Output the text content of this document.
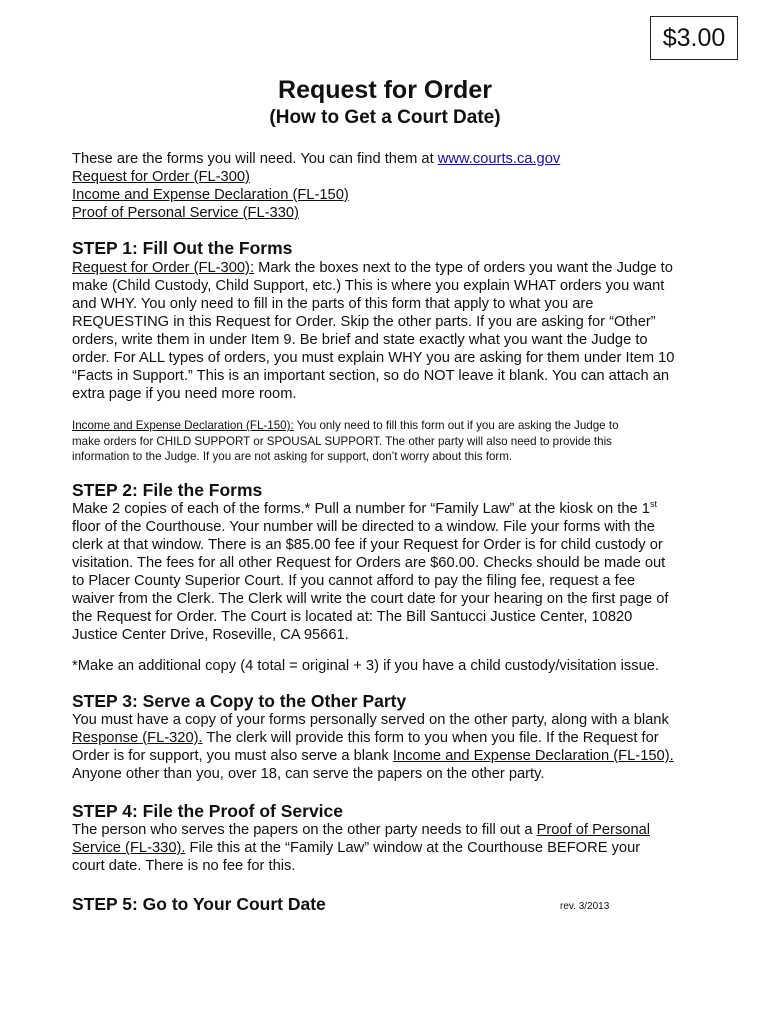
$3.00
Request for Order
(How to Get a Court Date)
These are the forms you will need. You can find them at www.courts.ca.gov
Request for Order (FL-300)
Income and Expense Declaration (FL-150)
Proof of Personal Service (FL-330)
STEP 1: Fill Out the Forms
Request for Order (FL-300): Mark the boxes next to the type of orders you want the Judge to
make (Child Custody, Child Support, etc.) This is where you explain WHAT orders you want
and WHY. You only need to fill in the parts of this form that apply to what you are
REQUESTING in this Request for Order. Skip the other parts. If you are asking for “Other”
orders, write them in under Item 9. Be brief and state exactly what you want the Judge to
order. For ALL types of orders, you must explain WHY you are asking for them under Item 10
“Facts in Support.” This is an important section, so do NOT leave it blank. You can attach an
extra page if you need more room.
Income and Expense Declaration (FL-150): You only need to fill this form out if you are asking the Judge to
make orders for CHILD SUPPORT or SPOUSAL SUPPORT. The other party will also need to provide this
information to the Judge. If you are not asking for support, don’t worry about this form.
STEP 2: File the Forms
Make 2 copies of each of the forms.* Pull a number for “Family Law” at the kiosk on the 1st
floor of the Courthouse. Your number will be directed to a window. File your forms with the
clerk at that window. There is an $85.00 fee if your Request for Order is for child custody or
visitation. The fees for all other Request for Orders are $60.00. Checks should be made out
to Placer County Superior Court. If you cannot afford to pay the filing fee, request a fee
waiver from the Clerk. The Clerk will write the court date for your hearing on the first page of
the Request for Order. The Court is located at: The Bill Santucci Justice Center, 10820
Justice Center Drive, Roseville, CA 95661.
*Make an additional copy (4 total = original + 3) if you have a child custody/visitation issue.
STEP 3: Serve a Copy to the Other Party
You must have a copy of your forms personally served on the other party, along with a blank
Response (FL-320). The clerk will provide this form to you when you file. If the Request for
Order is for support, you must also serve a blank Income and Expense Declaration (FL-150).
Anyone other than you, over 18, can serve the papers on the other party.
STEP 4: File the Proof of Service
The person who serves the papers on the other party needs to fill out a Proof of Personal
Service (FL-330). File this at the “Family Law” window at the Courthouse BEFORE your
court date. There is no fee for this.
STEP 5: Go to Your Court Date	rev. 3/2013
